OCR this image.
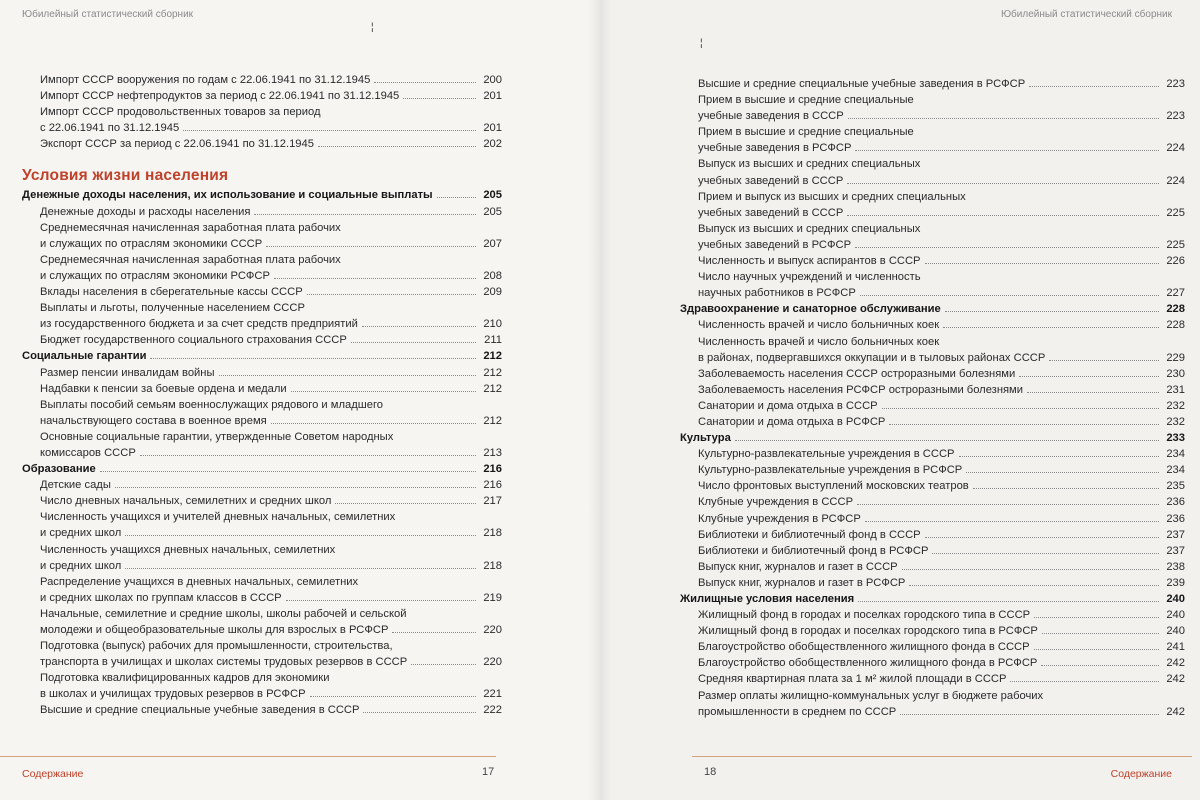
Юбилейный статистический сборник
¦
Импорт СССР вооружения по годам с 22.06.1941 по 31.12.1945	200
Импорт СССР нефтепродуктов за период с 22.06.1941 по 31.12.1945	201
Импорт СССР продовольственных товаров за период
с 22.06.1941 по 31.12.1945	201
Экспорт СССР за период с 22.06.1941 по 31.12.1945	202
Условия жизни населения
Денежные доходы населения, их использование и социальные выплаты	205
Денежные доходы и расходы населения	205
Среднемесячная начисленная заработная плата рабочих
и служащих по отраслям экономики СССР	207
Среднемесячная начисленная заработная плата рабочих
и служащих по отраслям экономики РСФСР	208
Вклады населения в сберегательные кассы СССР	209
Выплаты и льготы, полученные населением СССР
из государственного бюджета и за счет средств предприятий	210
Бюджет государственного социального страхования СССР	211
Социальные гарантии	212
Размер пенсии инвалидам войны	212
Надбавки к пенсии за боевые ордена и медали	212
Выплаты пособий семьям военнослужащих рядового и младшего
начальствующего состава в военное время	212
Основные социальные гарантии, утвержденные Советом народных
комиссаров СССР	213
Образование	216
Детские сады	216
Число дневных начальных, семилетних и средних школ	217
Численность учащихся и учителей дневных начальных, семилетних
и средних школ	218
Численность учащихся дневных начальных, семилетних
и средних школ	218
Распределение учащихся в дневных начальных, семилетних
и средних школах по группам классов в СССР	219
Начальные, семилетние и средние школы, школы рабочей и сельской
молодежи и общеобразовательные школы для взрослых в РСФСР	220
Подготовка (выпуск) рабочих для промышленности, строительства,
транспорта в училищах и школах системы трудовых резервов в СССР	220
Подготовка квалифицированных кадров для экономики
в школах и училищах трудовых резервов в РСФСР	221
Высшие и средние специальные учебные заведения в СССР	222
Содержание	17
Юбилейный статистический сборник
¦
18	Содержание
Высшие и средние специальные учебные заведения в РСФСР	223
Прием в высшие и средние специальные
учебные заведения в СССР	223
Прием в высшие и средние специальные
учебные заведения в РСФСР	224
Выпуск из высших и средних специальных
учебных заведений в СССР	224
Прием и выпуск из высших и средних специальных
учебных заведений в СССР	225
Выпуск из высших и средних специальных
учебных заведений в РСФСР	225
Численность и выпуск аспирантов в СССР	226
Число научных учреждений и численность
научных работников в РСФСР	227
Здравоохранение и санаторное обслуживание	228
Численность врачей и число больничных коек	228
Численность врачей и число больничных коек
в районах, подвергавшихся оккупации и в тыловых районах СССР	229
Заболеваемость населения СССР остроразными болезнями	230
Заболеваемость населения РСФСР остроразными болезнями	231
Санатории и дома отдыха в СССР	232
Санатории и дома отдыха в РСФСР	232
Культура	233
Культурно-развлекательные учреждения в СССР	234
Культурно-развлекательные учреждения в РСФСР	234
Число фронтовых выступлений московских театров	235
Клубные учреждения в СССР	236
Клубные учреждения в РСФСР	236
Библиотеки и библиотечный фонд в СССР	237
Библиотеки и библиотечный фонд в РСФСР	237
Выпуск книг, журналов и газет в СССР	238
Выпуск книг, журналов и газет в РСФСР	239
Жилищные условия населения	240
Жилищный фонд в городах и поселках городского типа в СССР	240
Жилищный фонд в городах и поселках городского типа в РСФСР	240
Благоустройство обобществленного жилищного фонда в СССР	241
Благоустройство обобществленного жилищного фонда в РСФСР	242
Средняя квартирная плата за 1 м² жилой площади в СССР	242
Размер оплаты жилищно-коммунальных услуг в бюджете рабочих
промышленности в среднем по СССР	242
